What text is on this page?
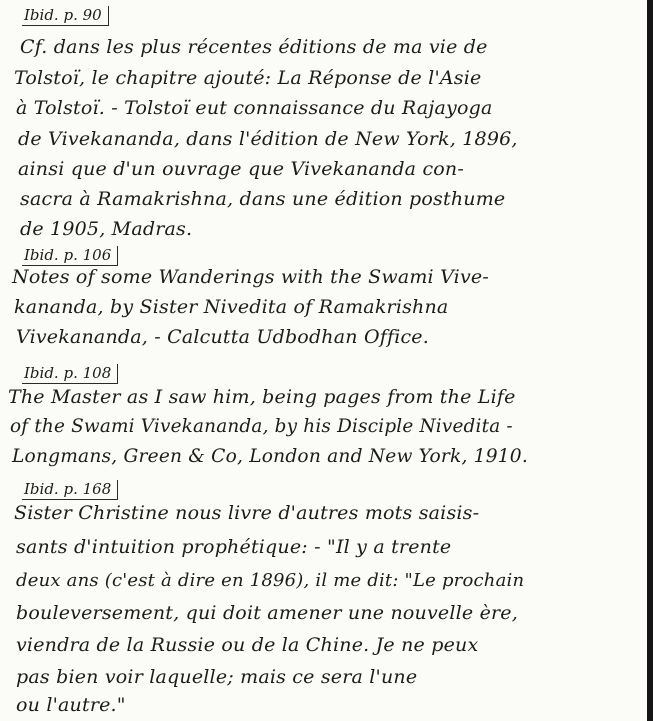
Ibid. p. 90
Cf. dans les plus récentes éditions de ma vie de
Tolstoï, le chapitre ajouté: La Réponse de l'Asie
à Tolstoï. - Tolstoï eut connaissance du Rajayoga
de Vivekananda, dans l'édition de New York, 1896,
ainsi que d'un ouvrage que Vivekananda con-
sacra à Ramakrishna, dans une édition posthume
de 1905, Madras.
Ibid. p. 106
Notes of some Wanderings with the Swami Vive-
kananda, by Sister Nivedita of Ramakrishna
Vivekananda, - Calcutta Udbodhan Office.
Ibid. p. 108
The Master as I saw him, being pages from the Life
of the Swami Vivekananda, by his Disciple Nivedita -
Longmans, Green & Co, London and New York, 1910.
Ibid. p. 168
Sister Christine nous livre d'autres mots saisis-
sants d'intuition prophétique: - "Il y a trente
deux ans (c'est à dire en 1896), il me dit: "Le prochain
bouleversement, qui doit amener une nouvelle ère,
viendra de la Russie ou de la Chine. Je ne peux
pas bien voir laquelle; mais ce sera l'une
ou l'autre."
